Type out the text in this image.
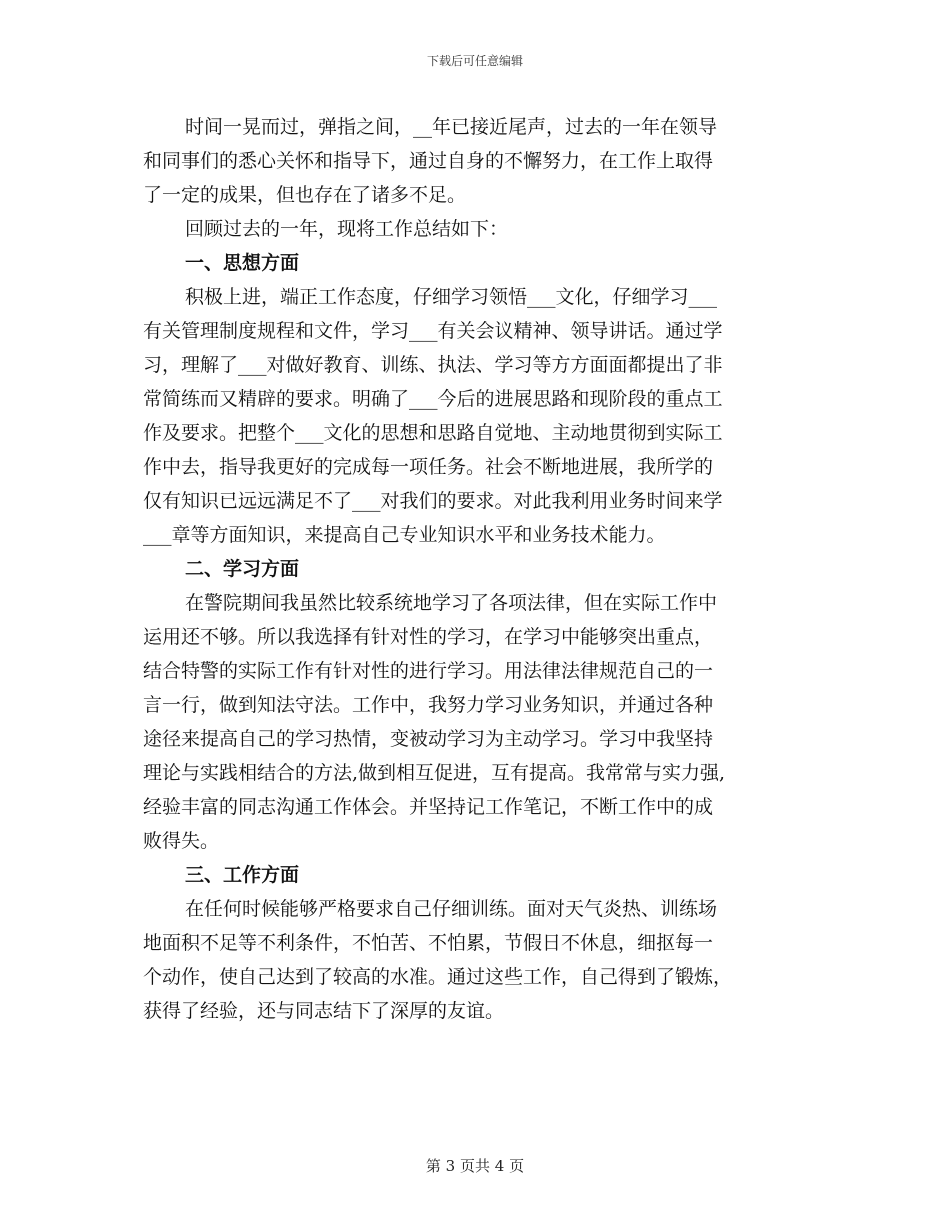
下载后可任意编辑
时间一晃而过，弹指之间，__年已接近尾声，过去的一年在领导
和同事们的悉心关怀和指导下，通过自身的不懈努力，在工作上取得
了一定的成果，但也存在了诸多不足。
回顾过去的一年，现将工作总结如下：
一、思想方面
积极上进，端正工作态度，仔细学习领悟___文化，仔细学习___
有关管理制度规程和文件，学习___有关会议精神、领导讲话。通过学
习，理解了___对做好教育、训练、执法、学习等方方面面都提出了非
常简练而又精辟的要求。明确了___今后的进展思路和现阶段的重点工
作及要求。把整个___文化的思想和思路自觉地、主动地贯彻到实际工
作中去，指导我更好的完成每一项任务。社会不断地进展，我所学的
仅有知识已远远满足不了___对我们的要求。对此我利用业务时间来学
___章等方面知识，来提高自己专业知识水平和业务技术能力。
二、学习方面
在警院期间我虽然比较系统地学习了各项法律，但在实际工作中
运用还不够。所以我选择有针对性的学习，在学习中能够突出重点，
结合特警的实际工作有针对性的进行学习。用法律法律规范自己的一
言一行，做到知法守法。工作中，我努力学习业务知识，并通过各种
途径来提高自己的学习热情，变被动学习为主动学习。学习中我坚持
理论与实践相结合的方法,做到相互促进，互有提高。我常常与实力强,
经验丰富的同志沟通工作体会。并坚持记工作笔记，不断工作中的成
败得失。
三、工作方面
在任何时候能够严格要求自己仔细训练。面对天气炎热、训练场
地面积不足等不利条件，不怕苦、不怕累，节假日不休息，细抠每一
个动作，使自己达到了较高的水准。通过这些工作，自己得到了锻炼，
获得了经验，还与同志结下了深厚的友谊。
第 3 页共 4 页
